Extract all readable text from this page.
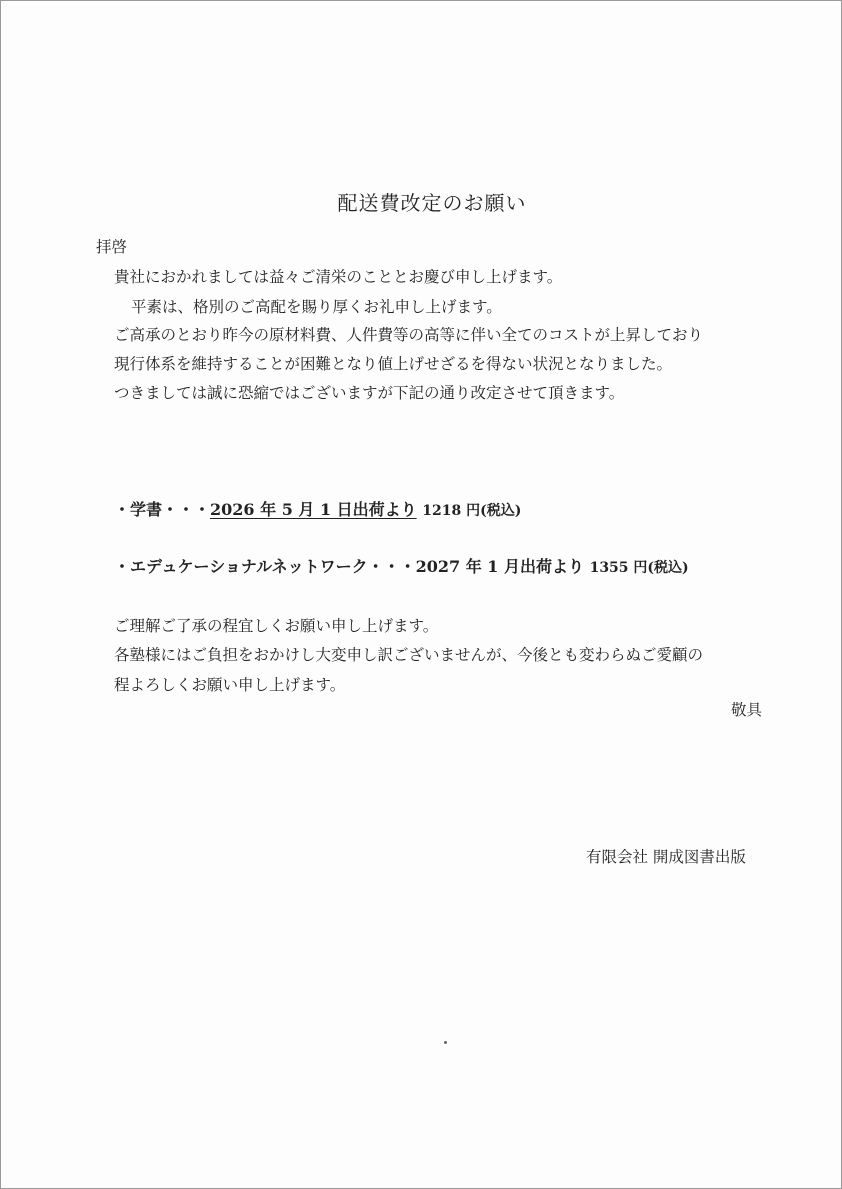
配送費改定のお願い
拝啓
貴社におかれましては益々ご清栄のこととお慶び申し上げます。
平素は、格別のご高配を賜り厚くお礼申し上げます。
ご高承のとおり昨今の原材料費、人件費等の高等に伴い全てのコストが上昇しており
現行体系を維持することが困難となり値上げせざるを得ない状況となりました。
つきましては誠に恐縮ではございますが下記の通り改定させて頂きます。
・学書・・・2026 年 5 月 1 日出荷より 1218 円(税込)
・エデュケーショナルネットワーク・・・2027 年 1 月出荷より 1355 円(税込)
ご理解ご了承の程宜しくお願い申し上げます。
各塾様にはご負担をおかけし大変申し訳ございませんが、今後とも変わらぬご愛顧の
程よろしくお願い申し上げます。
敬具
有限会社 開成図書出版
